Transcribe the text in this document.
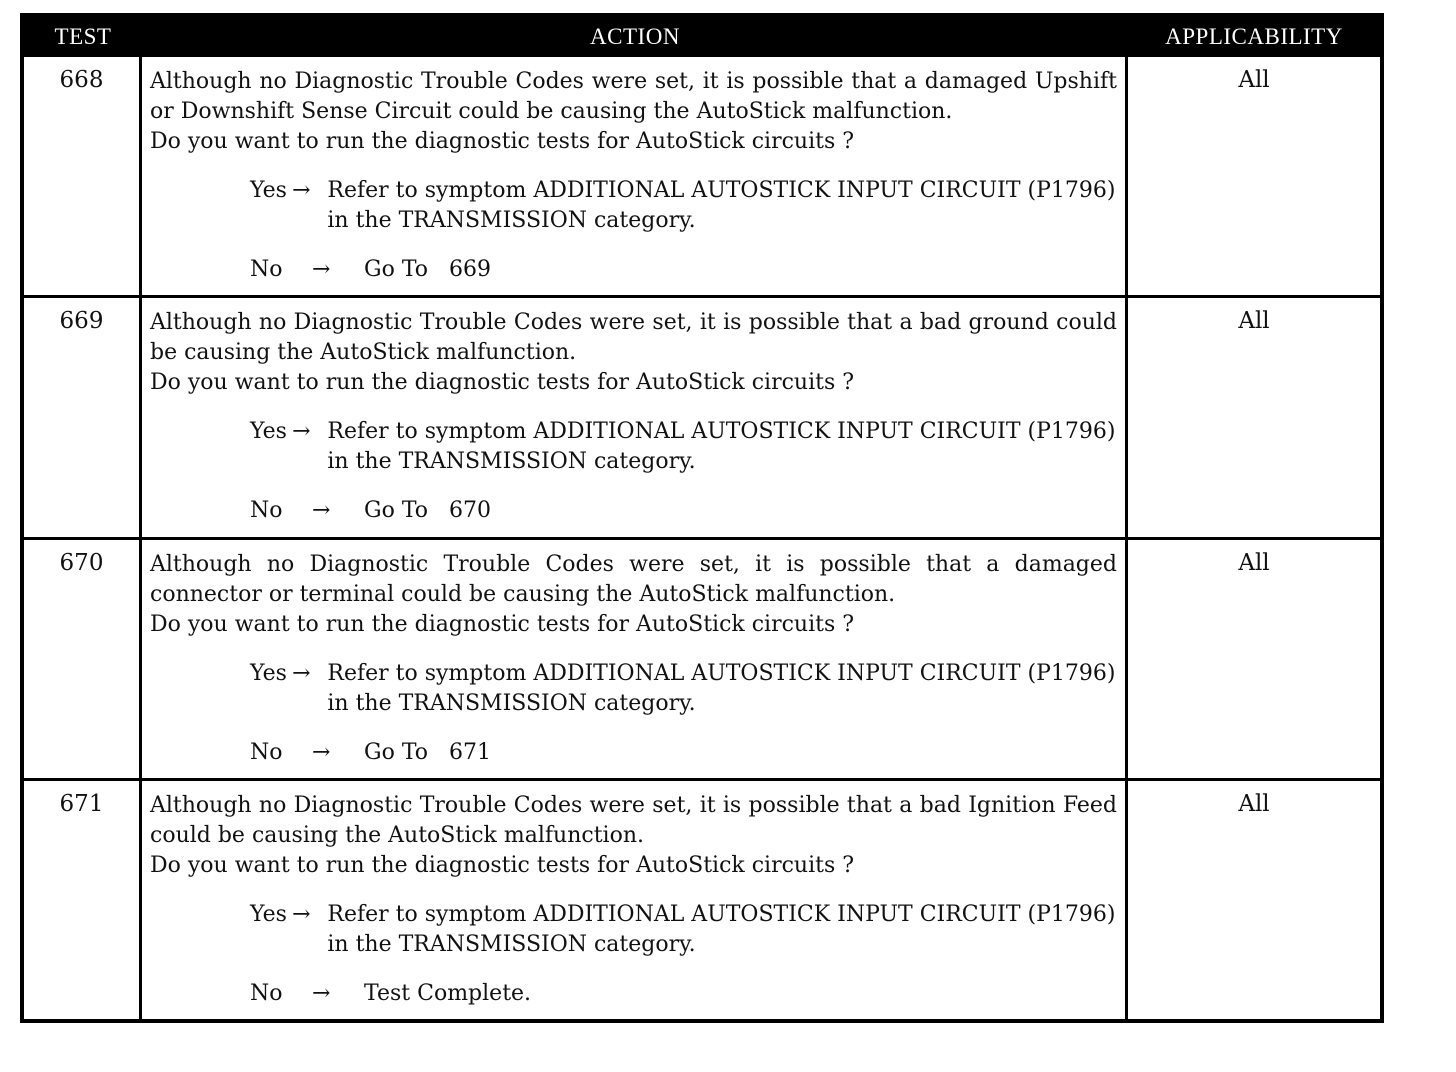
TEST	ACTION	APPLICABILITY
668	Although no Diagnostic Trouble Codes were set, it is possible that a damaged Upshift or Downshift Sense Circuit could be causing the AutoStick malfunction.
Do you want to run the diagnostic tests for AutoStick circuits ?
Yes → Refer to symptom ADDITIONAL AUTOSTICK INPUT CIRCUIT (P1796) in the TRANSMISSION category.
No	→	Go To   669
All
669	Although no Diagnostic Trouble Codes were set, it is possible that a bad ground could be causing the AutoStick malfunction.
Do you want to run the diagnostic tests for AutoStick circuits ?
Yes → Refer to symptom ADDITIONAL AUTOSTICK INPUT CIRCUIT (P1796) in the TRANSMISSION category.
No	→	Go To   670
All
670	Although no Diagnostic Trouble Codes were set, it is possible that a damaged connector or terminal could be causing the AutoStick malfunction.
Do you want to run the diagnostic tests for AutoStick circuits ?
Yes → Refer to symptom ADDITIONAL AUTOSTICK INPUT CIRCUIT (P1796) in the TRANSMISSION category.
No	→	Go To   671
All
671	Although no Diagnostic Trouble Codes were set, it is possible that a bad Ignition Feed could be causing the AutoStick malfunction.
Do you want to run the diagnostic tests for AutoStick circuits ?
Yes → Refer to symptom ADDITIONAL AUTOSTICK INPUT CIRCUIT (P1796) in the TRANSMISSION category.
No	→	Test Complete.
All
